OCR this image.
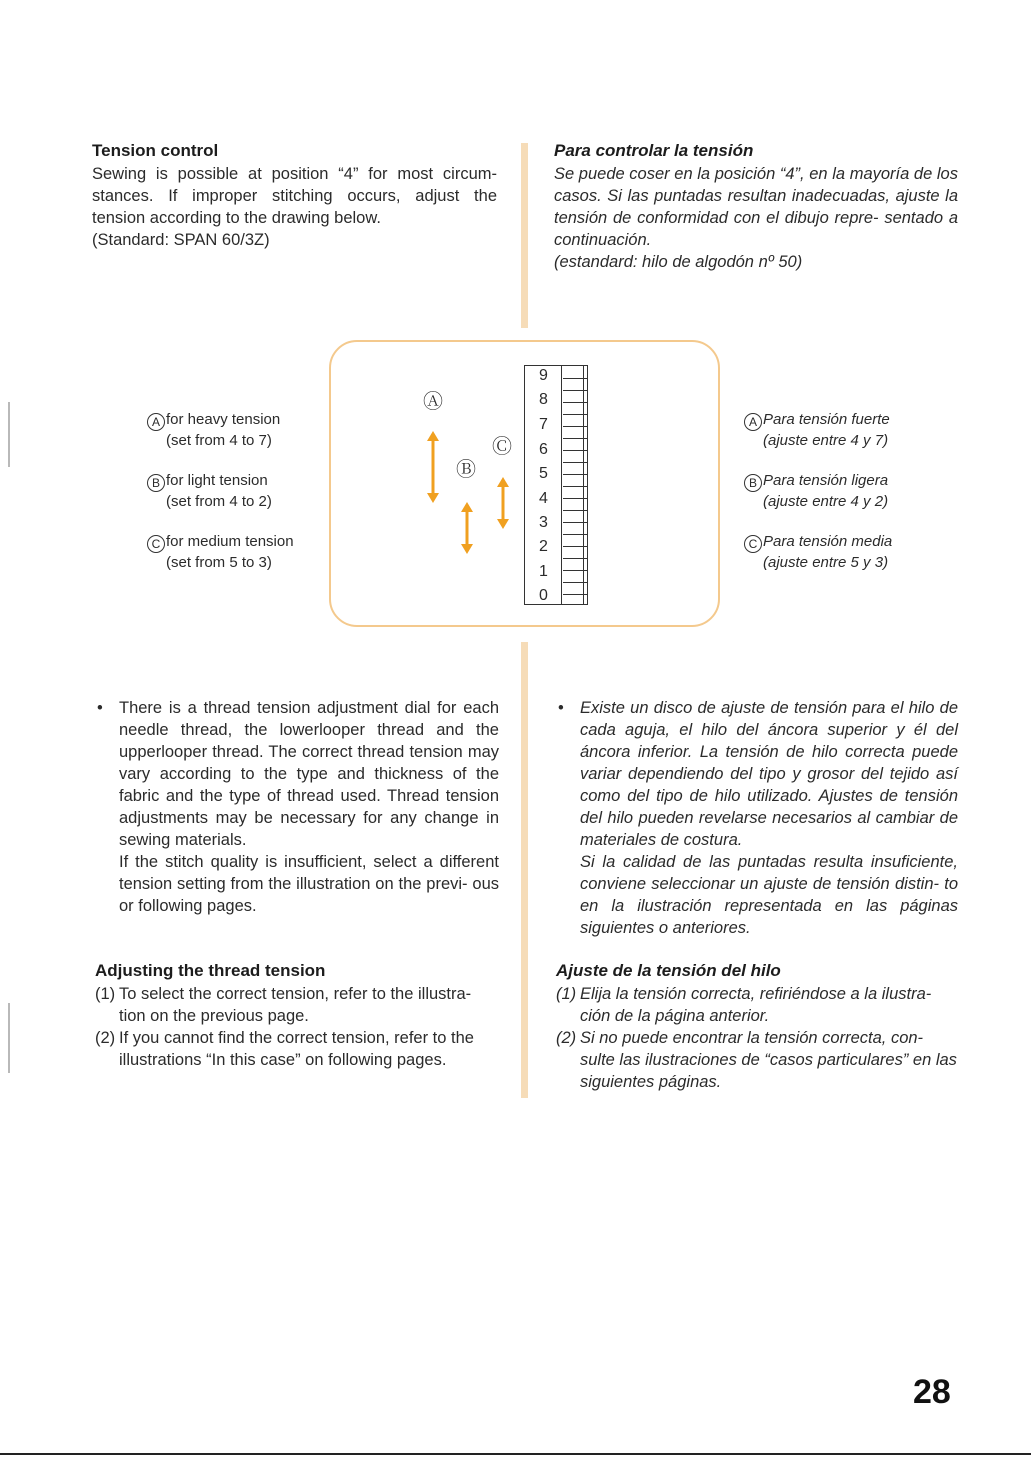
Tension control
Sewing is possible at position “4” for most circum-
stances. If improper stitching occurs, adjust the
tension according to the drawing below.
(Standard: SPAN 60/3Z)
Para controlar la tensión
Se puede coser en la posición “4”, en la mayoría de los casos. Si las puntadas resultan inadecuadas, ajuste la tensión de conformidad con el dibujo repre- sentado a continuación.
(estandard: hilo de algodón nº 50)
A for heavy tension
(set from 4 to 7)
B for light tension
(set from 4 to 2)
C for medium tension
(set from 5 to 3)
A Para tensión fuerte
(ajuste entre 4 y 7)
B Para tensión ligera
(ajuste entre 4 y 2)
C Para tensión media
(ajuste entre 5 y 3)
Ⓐ
Ⓑ
Ⓒ
9
8
7
6
5
4
3
2
1
0
• There is a thread tension adjustment dial for each needle thread, the lowerlooper thread and the upperlooper thread. The correct thread tension may vary according to the type and thickness of the fabric and the type of thread used. Thread tension adjustments may be necessary for any change in sewing materials.
If the stitch quality is insufficient, select a different tension setting from the illustration on the previ- ous or following pages.
Adjusting the thread tension
(1) To select the correct tension, refer to the illustra- tion on the previous page.
(2) If you cannot find the correct tension, refer to the illustrations “In this case” on following pages.
• Existe un disco de ajuste de tensión para el hilo de cada aguja, el hilo del áncora superior y él del áncora inferior. La tensión de hilo correcta puede variar dependiendo del tipo y grosor del tejido así como del tipo de hilo utilizado. Ajustes de tensión del hilo pueden revelarse necesarios al cambiar de materiales de costura.
Si la calidad de las puntadas resulta insuficiente, conviene seleccionar un ajuste de tensión distin- to en la ilustración representada en las páginas siguientes o anteriores.
Ajuste de la tensión del hilo
(1) Elija la tensión correcta, refiriéndose a la ilustra- ción de la página anterior.
(2) Si no puede encontrar la tensión correcta, con- sulte las ilustraciones de “casos particulares” en las siguientes páginas.
28
